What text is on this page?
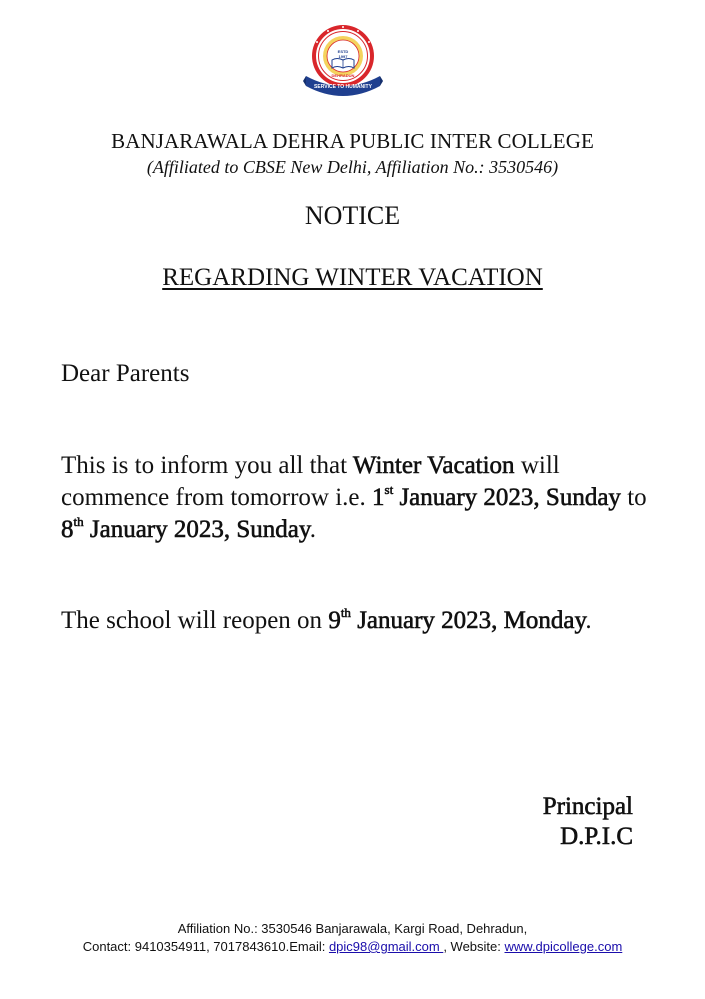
ESTD 1997
DEHRADUN
SERVICE TO HUMANITY
BANJARAWALA DEHRA PUBLIC INTER COLLEGE
(Affiliated to CBSE New Delhi, Affiliation No.: 3530546)
NOTICE
REGARDING WINTER VACATION
Dear Parents
This is to inform you all that Winter Vacation will commence from tomorrow i.e. 1st January 2023, Sunday to 8th January 2023, Sunday.
The school will reopen on 9th January 2023, Monday.
Principal
D.P.I.C
Affiliation No.: 3530546 Banjarawala, Kargi Road, Dehradun,
Contact: 9410354911, 7017843610.Email: dpic98@gmail.com , Website: www.dpicollege.com
